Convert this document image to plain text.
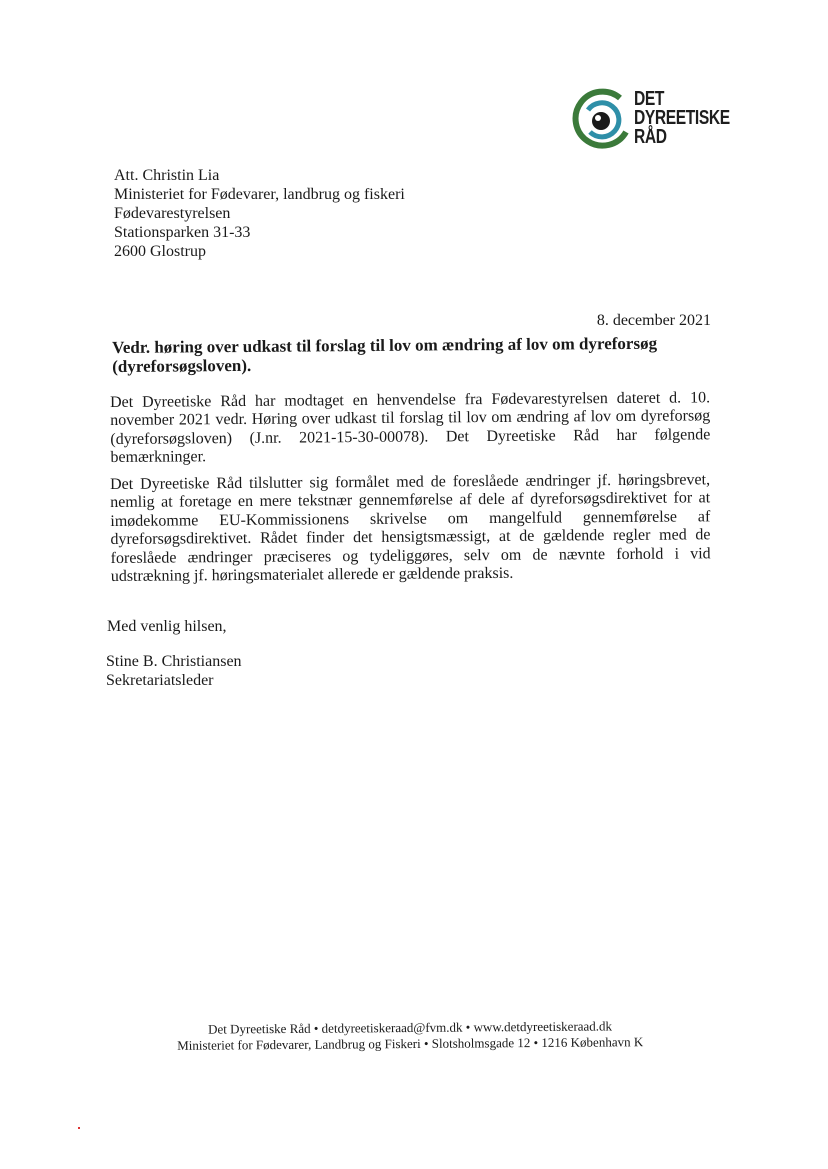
DET
DYREETISKE
RÅD
Att. Christin Lia
Ministeriet for Fødevarer, landbrug og fiskeri
Fødevarestyrelsen
Stationsparken 31-33
2600 Glostrup
8. december 2021
Vedr. høring over udkast til forslag til lov om ændring af lov om dyreforsøg (dyreforsøgsloven).
Det Dyreetiske Råd har modtaget en henvendelse fra Fødevarestyrelsen dateret d. 10. november 2021 vedr. Høring over udkast til forslag til lov om ændring af lov om dyreforsøg (dyreforsøgsloven) (J.nr. 2021-15-30-00078). Det Dyreetiske Råd har følgende bemærkninger.
Det Dyreetiske Råd tilslutter sig formålet med de foreslåede ændringer jf. høringsbrevet, nemlig at foretage en mere tekstnær gennemførelse af dele af dyreforsøgsdirektivet for at imødekomme EU-Kommissionens skrivelse om mangelfuld gennemførelse af dyreforsøgsdirektivet. Rådet finder det hensigtsmæssigt, at de gældende regler med de foreslåede ændringer præciseres og tydeliggøres, selv om de nævnte forhold i vid udstrækning jf. høringsmaterialet allerede er gældende praksis.
Med venlig hilsen,
Stine B. Christiansen
Sekretariatsleder
Det Dyreetiske Råd • detdyreetiskeraad@fvm.dk • www.detdyreetiskeraad.dk
Ministeriet for Fødevarer, Landbrug og Fiskeri • Slotsholmsgade 12 • 1216 København K
